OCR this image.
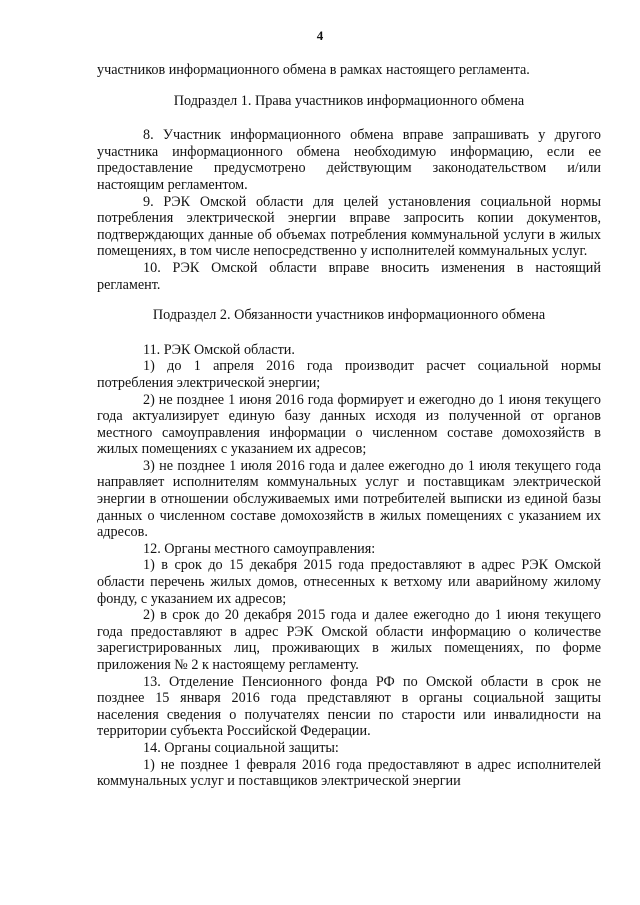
4

участников информационного обмена в рамках настоящего регламента.

Подраздел 1. Права участников информационного обмена

8. Участник информационного обмена вправе запрашивать у другого участника информационного обмена необходимую информацию, если ее предоставление предусмотрено действующим законодательством и/или настоящим регламентом.

9. РЭК Омской области для целей установления социальной нормы потребления электрической энергии вправе запросить копии документов, подтверждающих данные об объемах потребления коммунальной услуги в жилых помещениях, в том числе непосредственно у исполнителей коммунальных услуг.

10. РЭК Омской области вправе вносить изменения в настоящий регламент.

Подраздел 2. Обязанности участников информационного обмена

11. РЭК Омской области.

1) до 1 апреля 2016 года производит расчет социальной нормы потребления электрической энергии;

2) не позднее 1 июня 2016 года формирует и ежегодно до 1 июня текущего года актуализирует единую базу данных исходя из полученной от органов местного самоуправления информации о численном составе домохозяйств в жилых помещениях с указанием их адресов;

3) не позднее 1 июля 2016 года и далее ежегодно до 1 июля текущего года направляет исполнителям коммунальных услуг и поставщикам электрической энергии в отношении обслуживаемых ими потребителей выписки из единой базы данных о численном составе домохозяйств в жилых помещениях с указанием их адресов.

12. Органы местного самоуправления:

1) в срок до 15 декабря 2015 года предоставляют в адрес РЭК Омской области перечень жилых домов, отнесенных к ветхому или аварийному жилому фонду, с указанием их адресов;

2) в срок до 20 декабря 2015 года и далее ежегодно до 1 июня текущего года предоставляют в адрес РЭК Омской области информацию о количестве зарегистрированных лиц, проживающих в жилых помещениях, по форме приложения № 2 к настоящему регламенту.

13. Отделение Пенсионного фонда РФ по Омской области в срок не позднее 15 января 2016 года представляют в органы социальной защиты населения сведения о получателях пенсии по старости или инвалидности на территории субъекта Российской Федерации.

14. Органы социальной защиты:

1) не позднее 1 февраля 2016 года предоставляют в адрес исполнителей коммунальных услуг и поставщиков электрической энергии
